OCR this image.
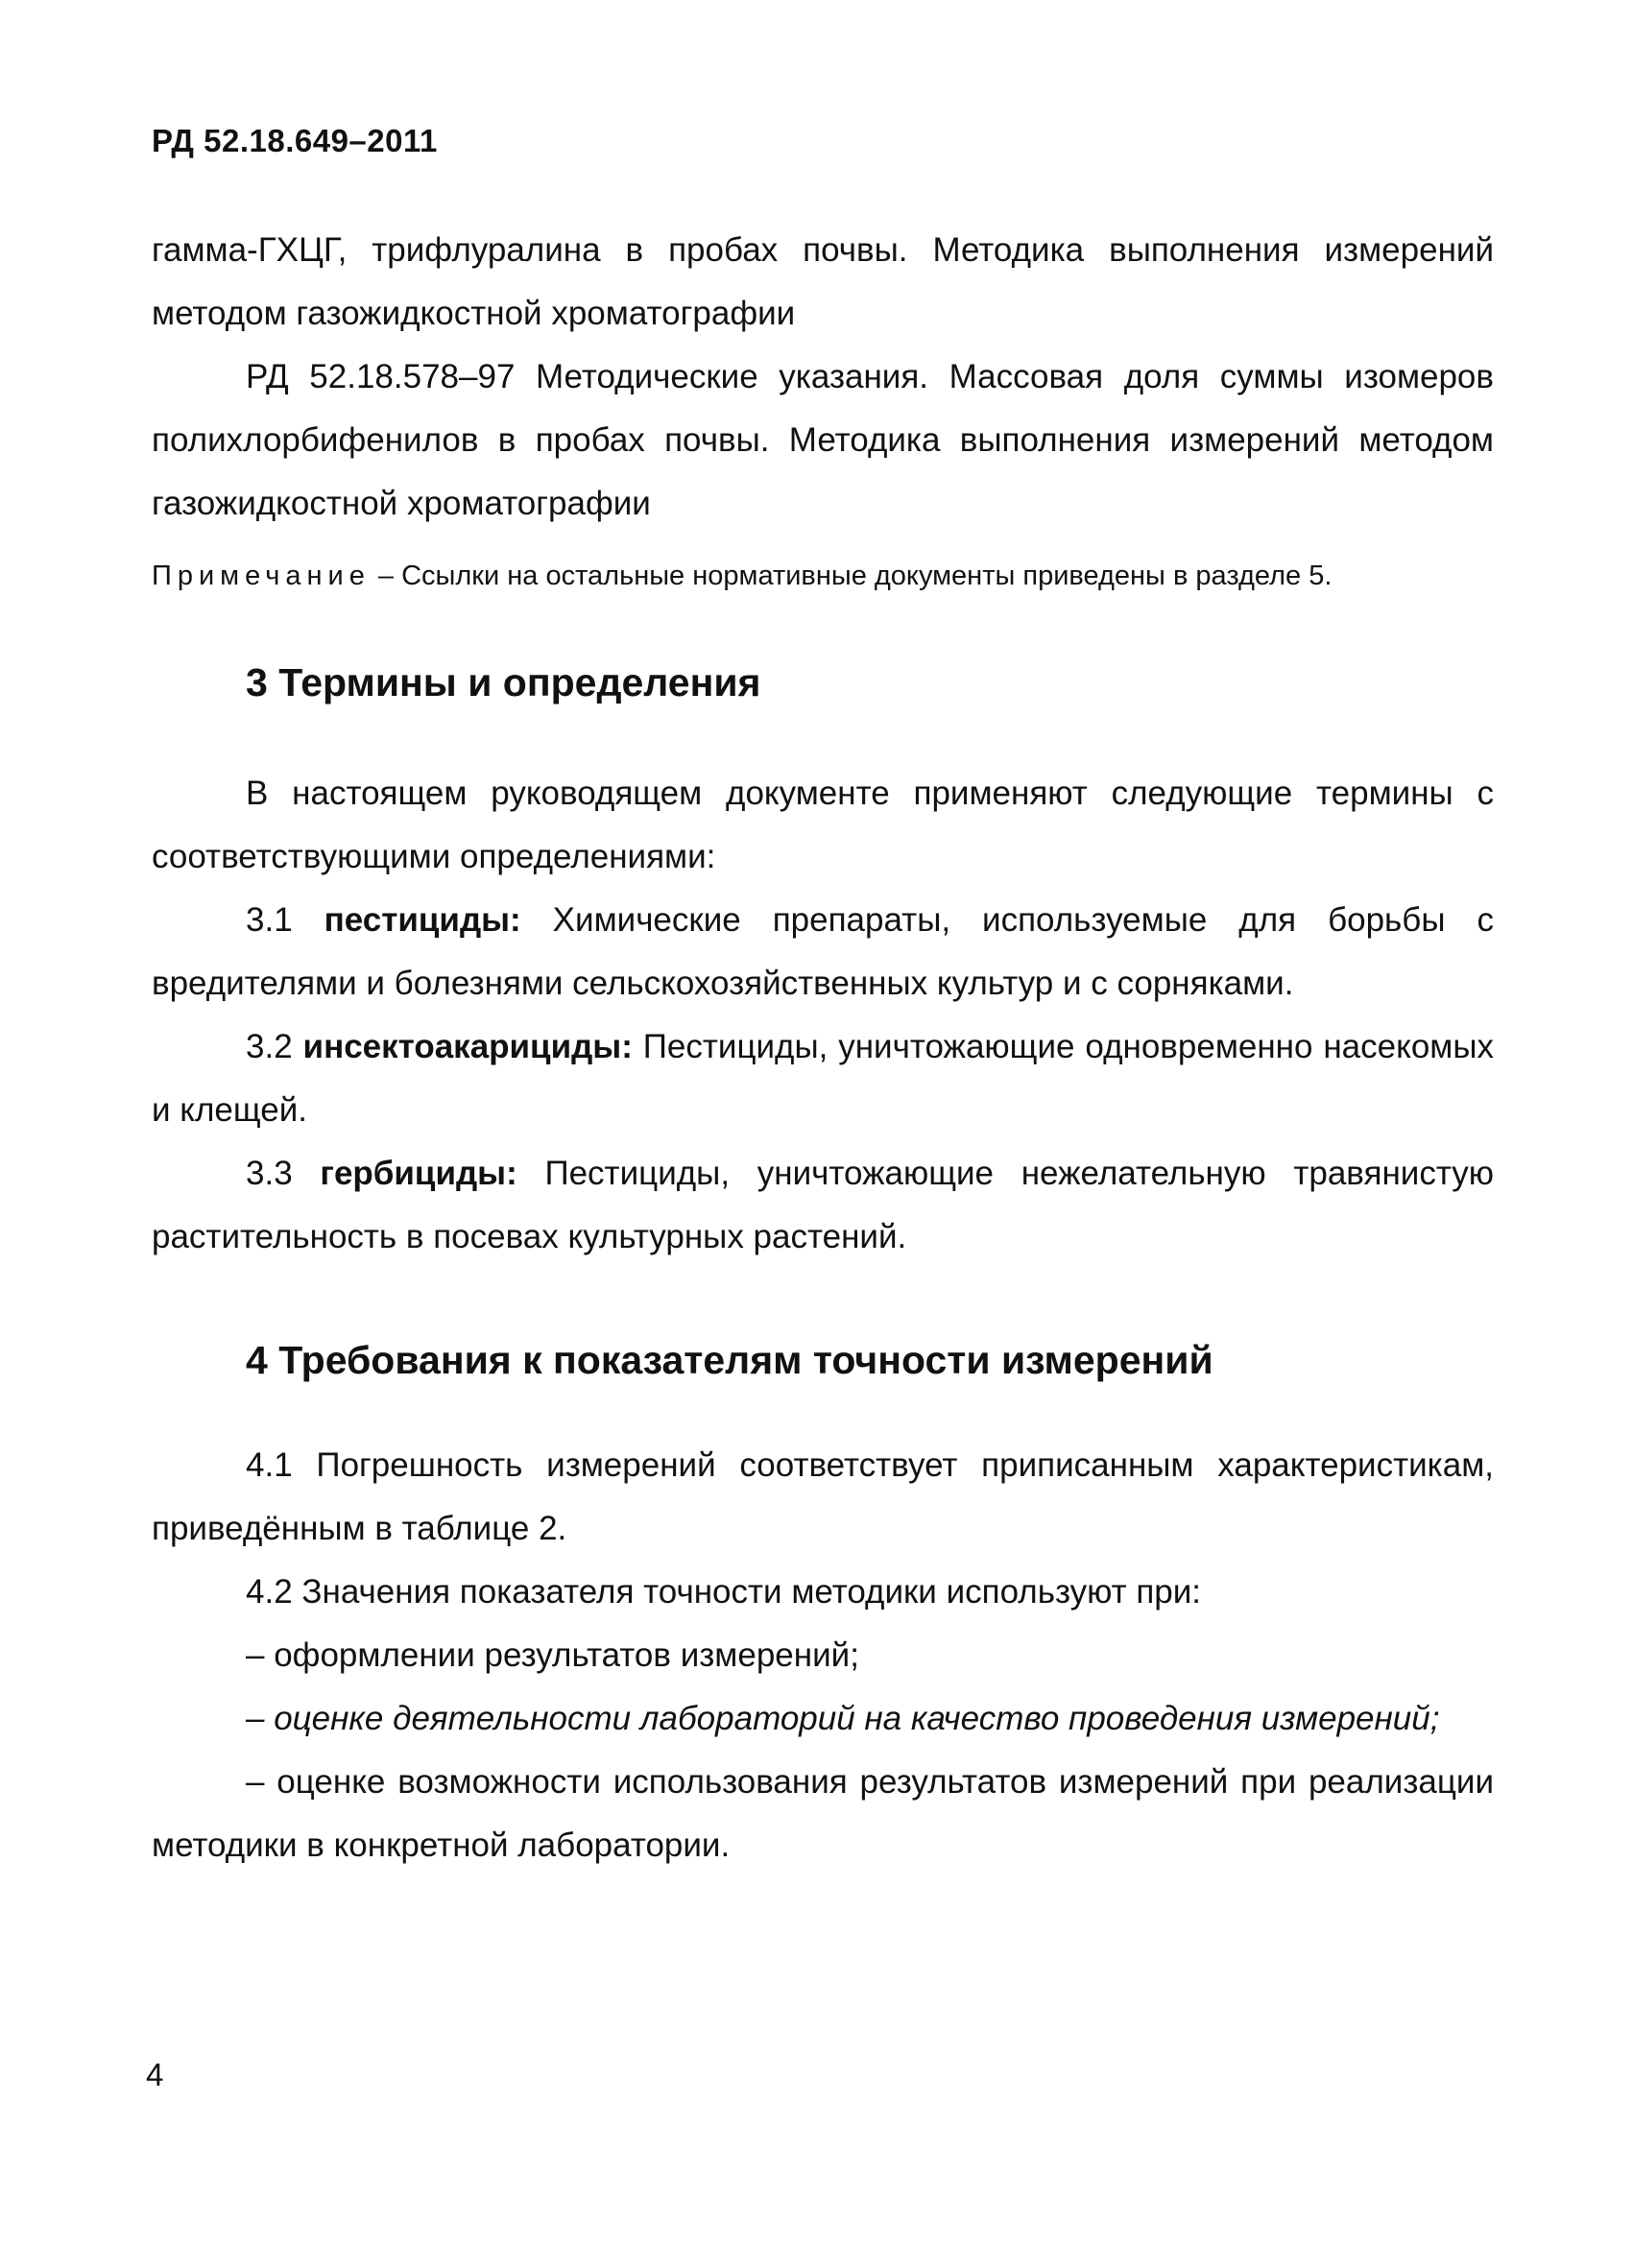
РД 52.18.649–2011

гамма-ГХЦГ, трифлуралина в пробах почвы. Методика выполнения измерений методом газожидкостной хроматографии

РД 52.18.578–97 Методические указания. Массовая доля суммы изомеров полихлорбифенилов в пробах почвы. Методика выполнения измерений методом газожидкостной хроматографии

Примечание – Ссылки на остальные нормативные документы приведены в разделе 5.

3 Термины и определения

В настоящем руководящем документе применяют следующие термины с соответствующими определениями:

3.1 пестициды: Химические препараты, используемые для борьбы с вредителями и болезнями сельскохозяйственных культур и с сорняками.

3.2 инсектоакарициды: Пестициды, уничтожающие одновременно насекомых и клещей.

3.3 гербициды: Пестициды, уничтожающие нежелательную травянистую растительность в посевах культурных растений.

4 Требования к показателям точности измерений

4.1 Погрешность измерений соответствует приписанным характеристикам, приведённым в таблице 2.

4.2 Значения показателя точности методики используют при:

– оформлении результатов измерений;

– оценке деятельности лабораторий на качество проведения измерений;

– оценке возможности использования результатов измерений при реализации методики в конкретной лаборатории.

4
